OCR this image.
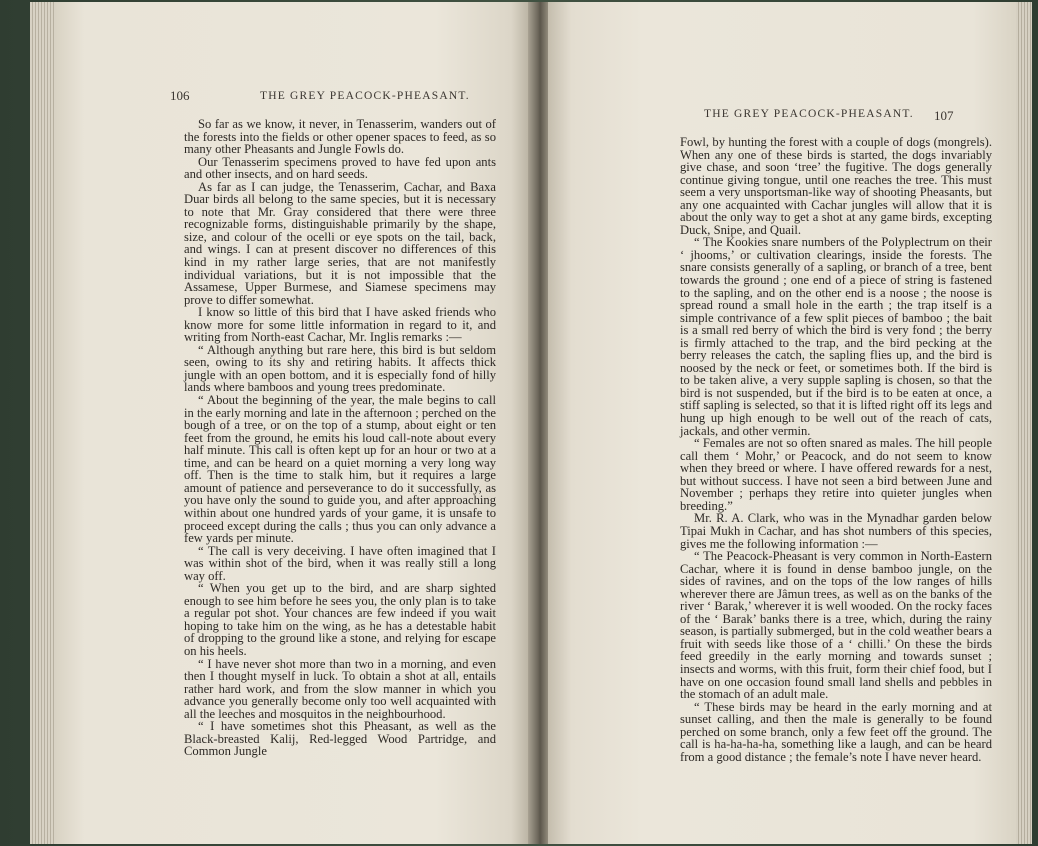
106	THE GREY PEACOCK-PHEASANT.

So far as we know, it never, in Tenasserim, wanders out of the forests into the fields or other opener spaces to feed, as so many other Pheasants and Jungle Fowls do.

Our Tenasserim specimens proved to have fed upon ants and other insects, and on hard seeds.

As far as I can judge, the Tenasserim, Cachar, and Baxa Duar birds all belong to the same species, but it is necessary to note that Mr. Gray considered that there were three recognizable forms, distinguishable primarily by the shape, size, and colour of the ocelli or eye spots on the tail, back, and wings. I can at present discover no differences of this kind in my rather large series, that are not manifestly individual variations, but it is not impossible that the Assamese, Upper Burmese, and Siamese specimens may prove to differ somewhat.

I know so little of this bird that I have asked friends who know more for some little information in regard to it, and writing from North-east Cachar, Mr. Inglis remarks :—

“ Although anything but rare here, this bird is but seldom seen, owing to its shy and retiring habits. It affects thick jungle with an open bottom, and it is especially fond of hilly lands where bamboos and young trees predominate.

“ About the beginning of the year, the male begins to call in the early morning and late in the afternoon ; perched on the bough of a tree, or on the top of a stump, about eight or ten feet from the ground, he emits his loud call-note about every half minute. This call is often kept up for an hour or two at a time, and can be heard on a quiet morning a very long way off. Then is the time to stalk him, but it requires a large amount of patience and perseverance to do it successfully, as you have only the sound to guide you, and after approaching within about one hundred yards of your game, it is unsafe to proceed except during the calls ; thus you can only advance a few yards per minute.

“ The call is very deceiving. I have often imagined that I was within shot of the bird, when it was really still a long way off.

“ When you get up to the bird, and are sharp sighted enough to see him before he sees you, the only plan is to take a regular pot shot. Your chances are few indeed if you wait hoping to take him on the wing, as he has a detestable habit of dropping to the ground like a stone, and relying for escape on his heels.

“ I have never shot more than two in a morning, and even then I thought myself in luck. To obtain a shot at all, entails rather hard work, and from the slow manner in which you advance you generally become only too well acquainted with all the leeches and mosquitos in the neighbourhood.

“ I have sometimes shot this Pheasant, as well as the Black-breasted Kalij, Red-legged Wood Partridge, and Common Jungle

THE GREY PEACOCK-PHEASANT. 107

Fowl, by hunting the forest with a couple of dogs (mongrels). When any one of these birds is started, the dogs invariably give chase, and soon ‘tree’ the fugitive. The dogs generally continue giving tongue, until one reaches the tree. This must seem a very unsportsman-like way of shooting Pheasants, but any one acquainted with Cachar jungles will allow that it is about the only way to get a shot at any game birds, excepting Duck, Snipe, and Quail.

“ The Kookies snare numbers of the Polyplectrum on their ‘ jhooms,’ or cultivation clearings, inside the forests. The snare consists generally of a sapling, or branch of a tree, bent towards the ground ; one end of a piece of string is fastened to the sapling, and on the other end is a noose ; the noose is spread round a small hole in the earth ; the trap itself is a simple contrivance of a few split pieces of bamboo ; the bait is a small red berry of which the bird is very fond ; the berry is firmly attached to the trap, and the bird pecking at the berry releases the catch, the sapling flies up, and the bird is noosed by the neck or feet, or sometimes both. If the bird is to be taken alive, a very supple sapling is chosen, so that the bird is not suspended, but if the bird is to be eaten at once, a stiff sapling is selected, so that it is lifted right off its legs and hung up high enough to be well out of the reach of cats, jackals, and other vermin.

“ Females are not so often snared as males. The hill people call them ‘ Mohr,’ or Peacock, and do not seem to know when they breed or where. I have offered rewards for a nest, but without success. I have not seen a bird between June and November ; perhaps they retire into quieter jungles when breeding.”

Mr. R. A. Clark, who was in the Mynadhar garden below Tipai Mukh in Cachar, and has shot numbers of this species, gives me the following information :—

“ The Peacock-Pheasant is very common in North-Eastern Cachar, where it is found in dense bamboo jungle, on the sides of ravines, and on the tops of the low ranges of hills wherever there are Jâmun trees, as well as on the banks of the river ‘ Barak,’ wherever it is well wooded. On the rocky faces of the ‘ Barak’ banks there is a tree, which, during the rainy season, is partially submerged, but in the cold weather bears a fruit with seeds like those of a ‘ chilli.’ On these the birds feed greedily in the early morning and towards sunset ; insects and worms, with this fruit, form their chief food, but I have on one occasion found small land shells and pebbles in the stomach of an adult male.

“ These birds may be heard in the early morning and at sunset calling, and then the male is generally to be found perched on some branch, only a few feet off the ground. The call is ha-ha-ha-ha, something like a laugh, and can be heard from a good distance ; the female’s note I have never heard.
